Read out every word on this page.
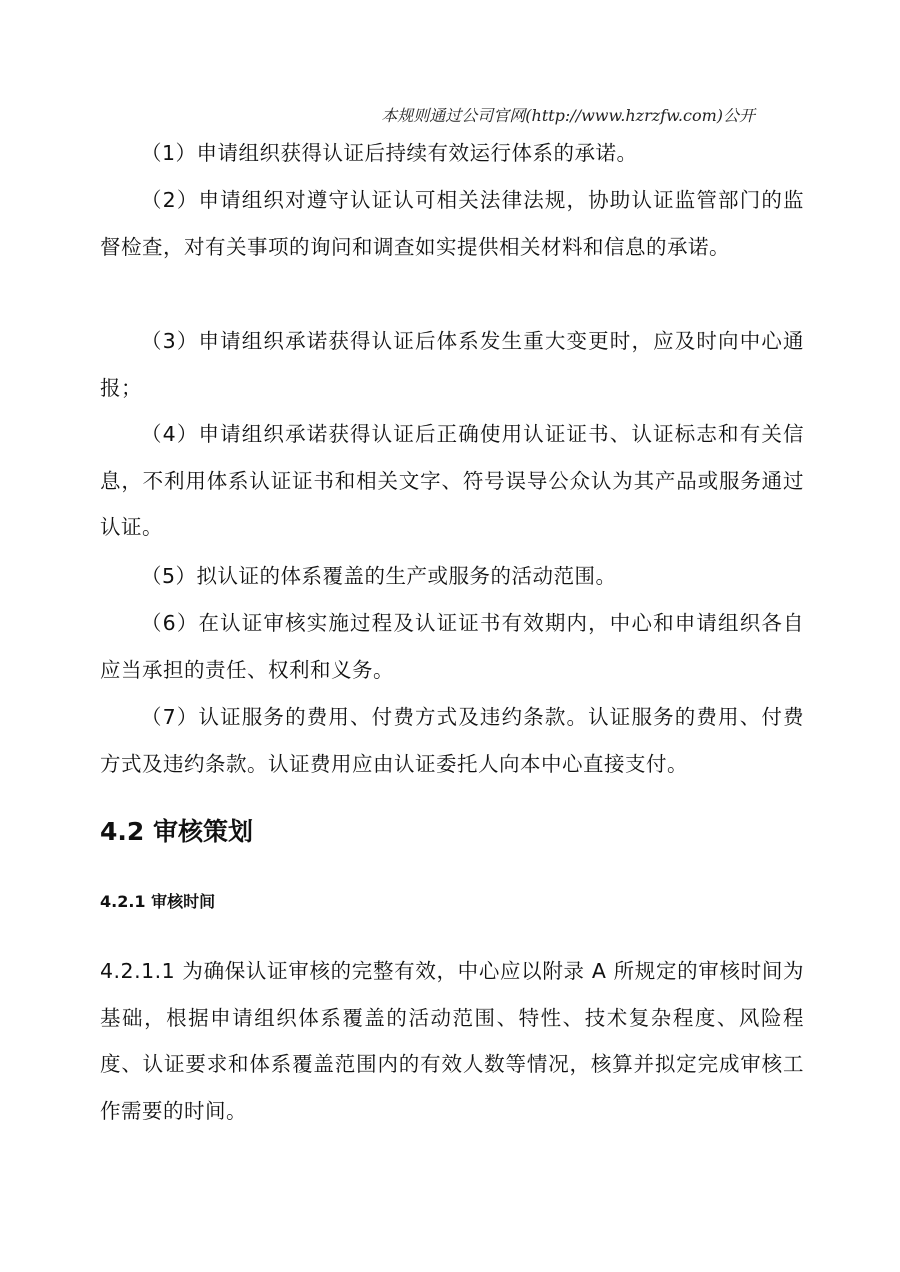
本规则通过公司官网(http://www.hzrzfw.com)公开
（1）申请组织获得认证后持续有效运行体系的承诺。
（2）申请组织对遵守认证认可相关法律法规，协助认证监管部门的监督检查，对有关事项的询问和调查如实提供相关材料和信息的承诺。
（3）申请组织承诺获得认证后体系发生重大变更时，应及时向中心通报；
（4）申请组织承诺获得认证后正确使用认证证书、认证标志和有关信息，不利用体系认证证书和相关文字、符号误导公众认为其产品或服务通过认证。
（5）拟认证的体系覆盖的生产或服务的活动范围。
（6）在认证审核实施过程及认证证书有效期内，中心和申请组织各自应当承担的责任、权利和义务。
（7）认证服务的费用、付费方式及违约条款。认证服务的费用、付费方式及违约条款。认证费用应由认证委托人向本中心直接支付。
4.2 审核策划
4.2.1 审核时间
4.2.1.1 为确保认证审核的完整有效，中心应以附录 A 所规定的审核时间为基础，根据申请组织体系覆盖的活动范围、特性、技术复杂程度、风险程度、认证要求和体系覆盖范围内的有效人数等情况，核算并拟定完成审核工作需要的时间。
